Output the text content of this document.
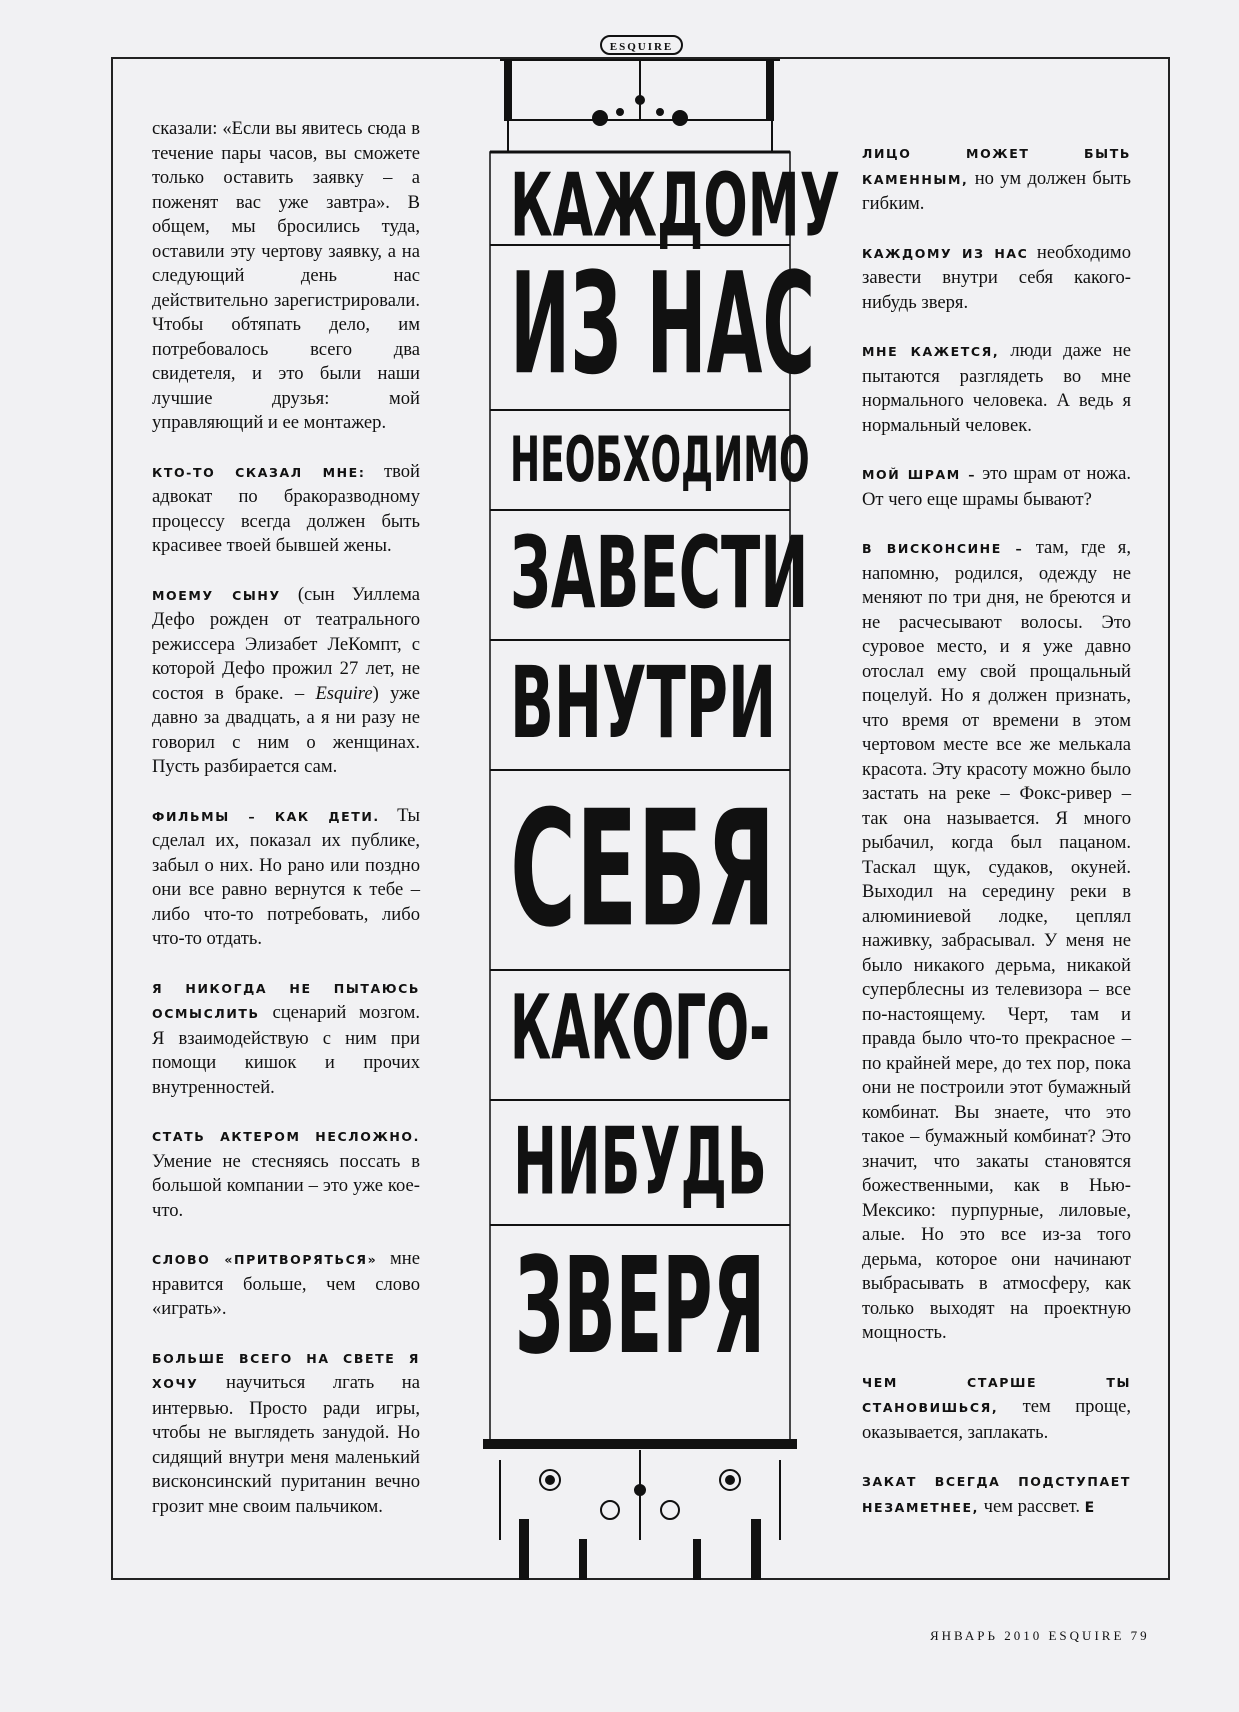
ESQUIRE

сказали: «Если вы явитесь сюда в течение пары часов, вы сможете только оставить заявку – а поженят вас уже завтра». В общем, мы бросились туда, оставили эту чертову заявку, а на следующий день нас действительно зарегистрировали. Чтобы обтяпать дело, им потребовалось всего два свидетеля, и это были наши лучшие друзья: мой управляющий и ее монтажер.

КТО-ТО СКАЗАЛ МНЕ: твой адвокат по бракоразводному процессу всегда должен быть красивее твоей бывшей жены.

МОЕМУ СЫНУ (сын Уиллема Дефо рожден от театрального режиссера Элизабет ЛеКомпт, с которой Дефо прожил 27 лет, не состоя в браке. – Esquire) уже давно за двадцать, а я ни разу не говорил с ним о женщинах. Пусть разбирается сам.

ФИЛЬМЫ – КАК ДЕТИ. Ты сделал их, показал их публике, забыл о них. Но рано или поздно они все равно вернутся к тебе – либо что-то потребовать, либо что-то отдать.

Я НИКОГДА НЕ ПЫТАЮСЬ ОСМЫСЛИТЬ сценарий мозгом. Я взаимодействую с ним при помощи кишок и прочих внутренностей.

СТАТЬ АКТЕРОМ НЕСЛОЖНО. Умение не стесняясь поссать в большой компании – это уже кое-что.

СЛОВО «ПРИТВОРЯТЬСЯ» мне нравится больше, чем слово «играть».

БОЛЬШЕ ВСЕГО НА СВЕТЕ Я ХОЧУ научиться лгать на интервью. Просто ради игры, чтобы не выглядеть занудой. Но сидящий внутри меня маленький висконсинский пуританин вечно грозит мне своим пальчиком.

КАЖДОМУ
ИЗ НАС
НЕОБХОДИМО
ЗАВЕСТИ
ВНУТРИ
СЕБЯ
КАКОГО-
НИБУДЬ
ЗВЕРЯ

ЛИЦО МОЖЕТ БЫТЬ КАМЕННЫМ, но ум должен быть гибким.

КАЖДОМУ ИЗ НАС необходимо завести внутри себя какого-нибудь зверя.

МНЕ КАЖЕТСЯ, люди даже не пытаются разглядеть во мне нормального человека. А ведь я нормальный человек.

МОЙ ШРАМ – это шрам от ножа. От чего еще шрамы бывают?

В ВИСКОНСИНЕ – там, где я, напомню, родился, одежду не меняют по три дня, не бреются и не расчесывают волосы. Это суровое место, и я уже давно отослал ему свой прощальный поцелуй. Но я должен признать, что время от времени в этом чертовом месте все же мелькала красота. Эту красоту можно было застать на реке – Фокс-ривер – так она называется. Я много рыбачил, когда был пацаном. Таскал щук, судаков, окуней. Выходил на середину реки в алюминиевой лодке, цеплял наживку, забрасывал. У меня не было никакого дерьма, никакой суперблесны из телевизора – все по-настоящему. Черт, там и правда было что-то прекрасное – по крайней мере, до тех пор, пока они не построили этот бумажный комбинат. Вы знаете, что это такое – бумажный комбинат? Это значит, что закаты становятся божественными, как в Нью-Мексико: пурпурные, лиловые, алые. Но это все из-за того дерьма, которое они начинают выбрасывать в атмосферу, как только выходят на проектную мощность.

ЧЕМ СТАРШЕ ТЫ СТАНОВИШЬСЯ, тем проще, оказывается, заплакать.

ЗАКАТ ВСЕГДА ПОДСТУПАЕТ НЕЗАМЕТНЕЕ, чем рассвет. E

ЯНВАРЬ 2010 ESQUIRE 79
